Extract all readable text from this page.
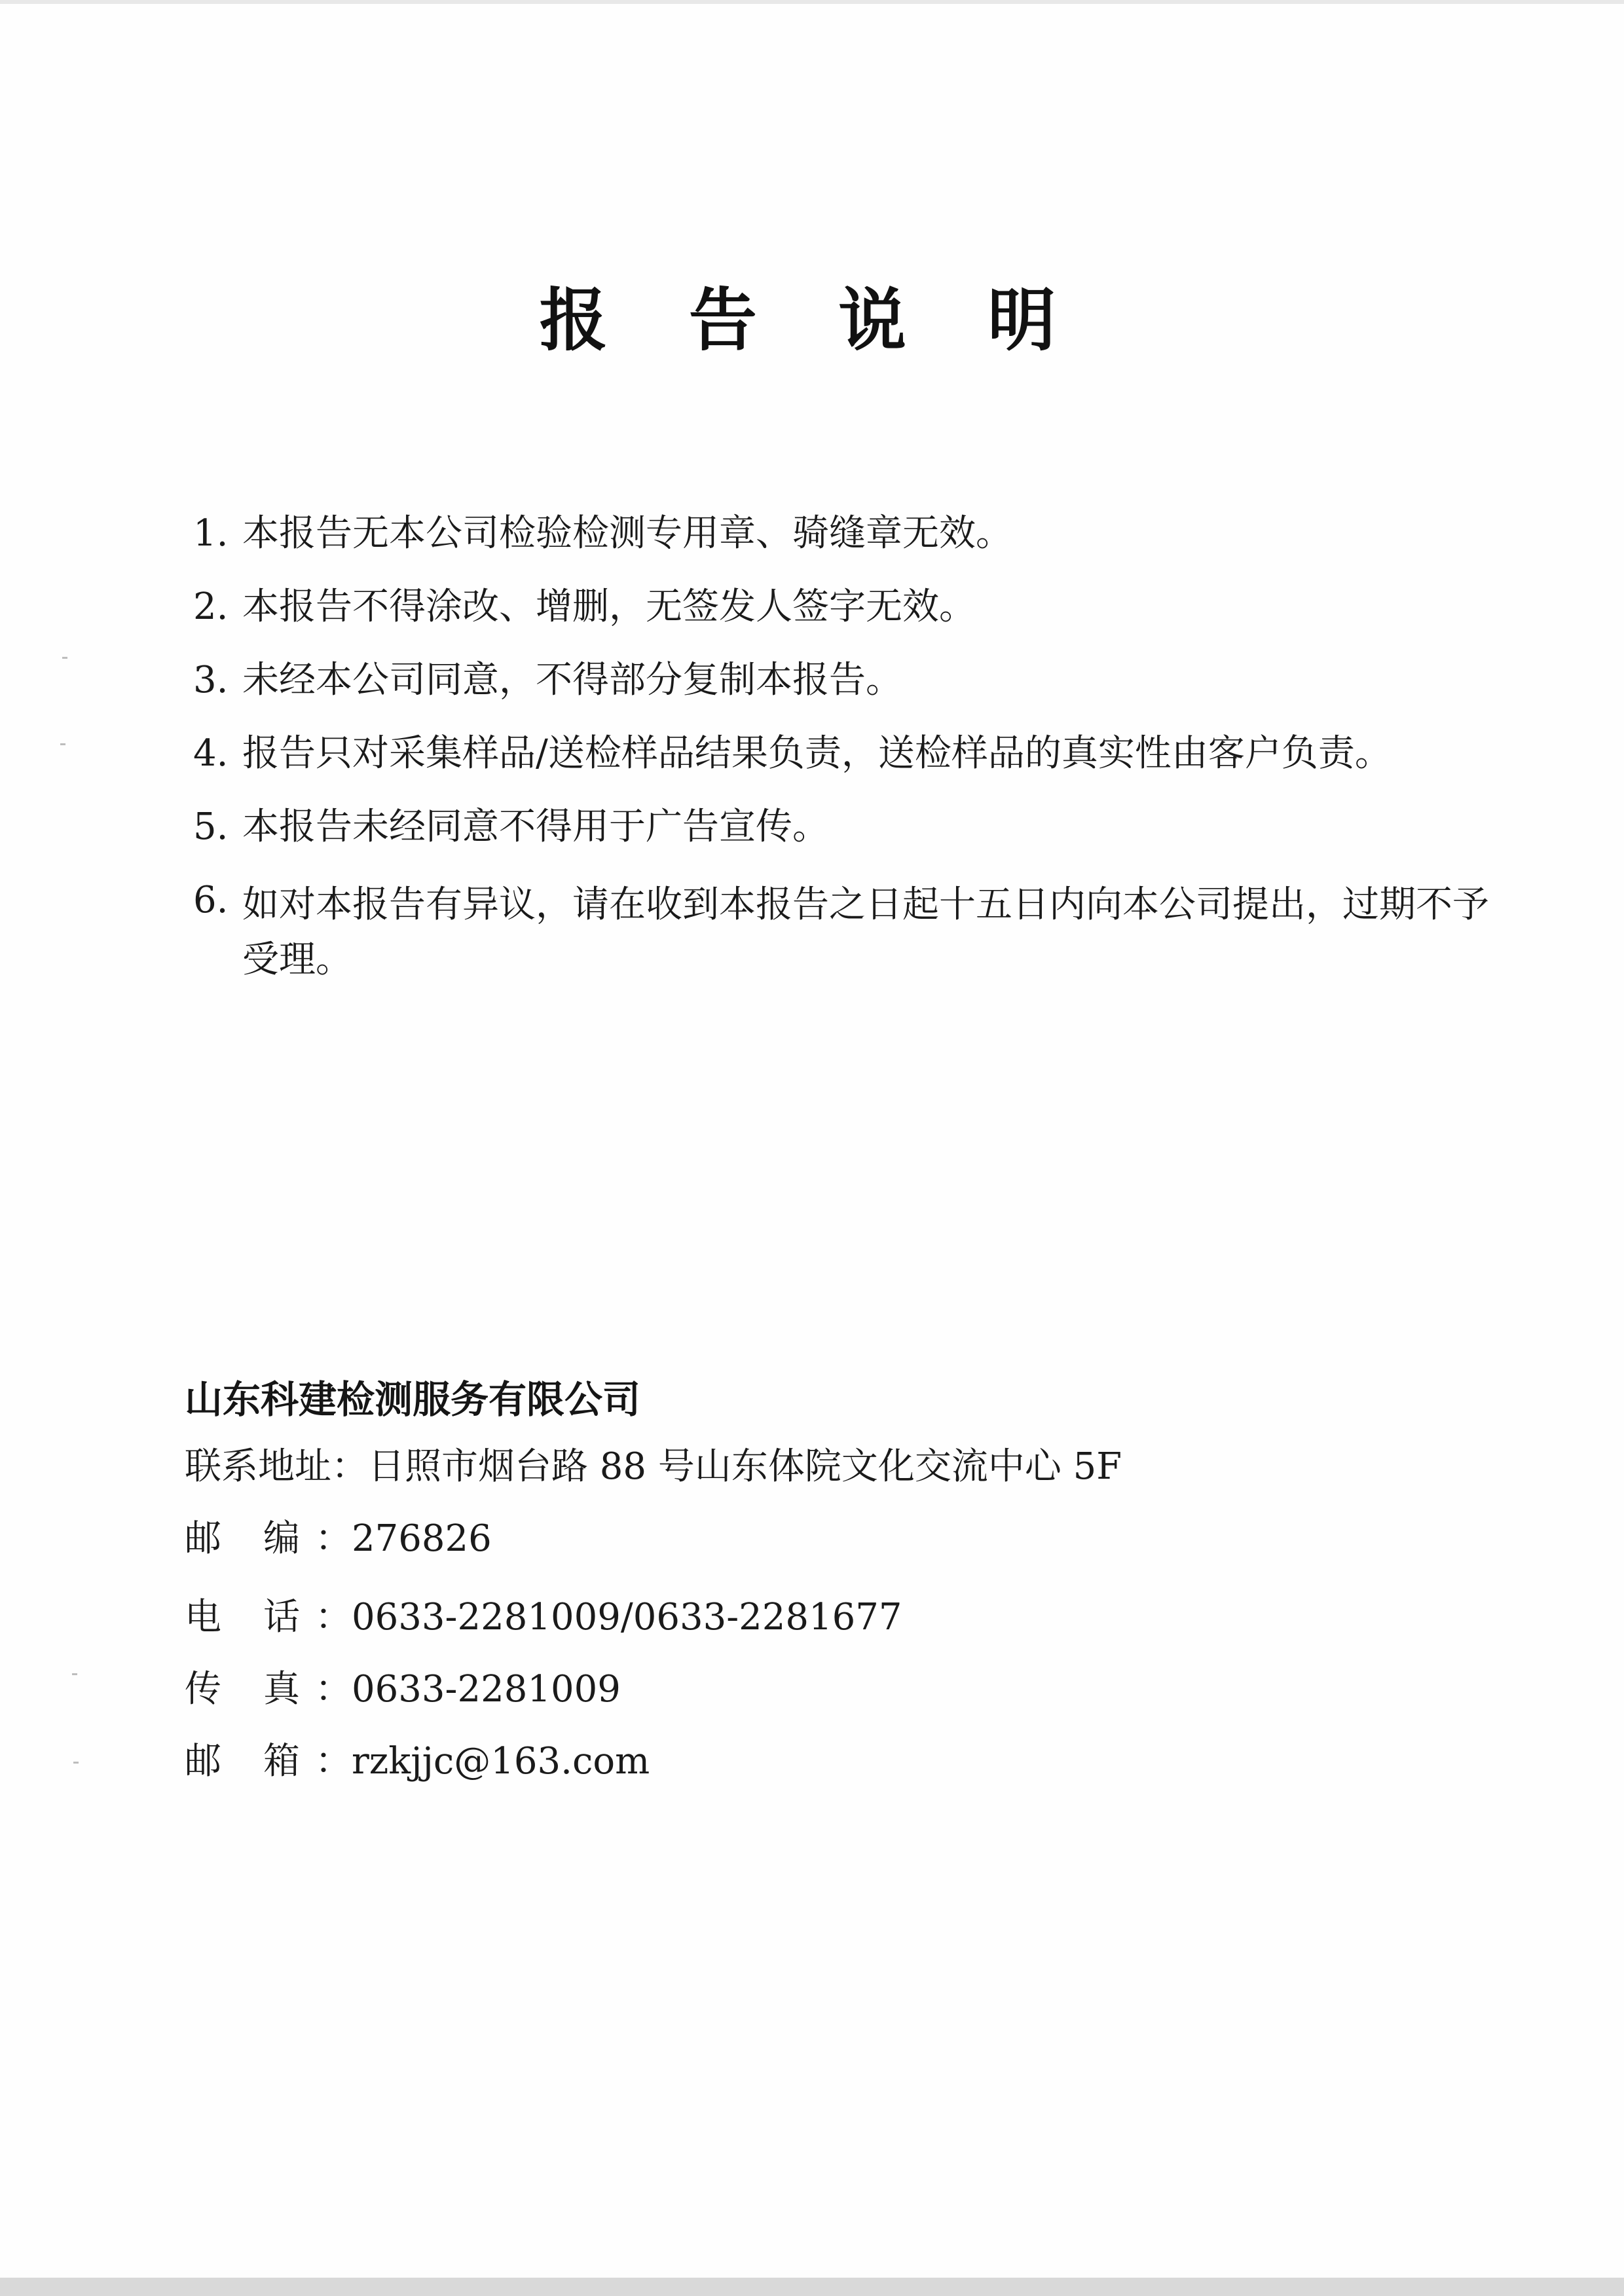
报 告 说 明
1. 本报告无本公司检验检测专用章、骑缝章无效。
2. 本报告不得涂改、增删，无签发人签字无效。
3. 未经本公司同意，不得部分复制本报告。
4. 报告只对采集样品/送检样品结果负责，送检样品的真实性由客户负责。
5. 本报告未经同意不得用于广告宣传。
6. 如对本报告有异议，请在收到本报告之日起十五日内向本公司提出，过期不予受理。
山东科建检测服务有限公司
联系地址：日照市烟台路 88 号山东体院文化交流中心 5F
邮 编：276826
电 话：0633-2281009/0633-2281677
传 真：0633-2281009
邮 箱：rzkjjc@163.com
